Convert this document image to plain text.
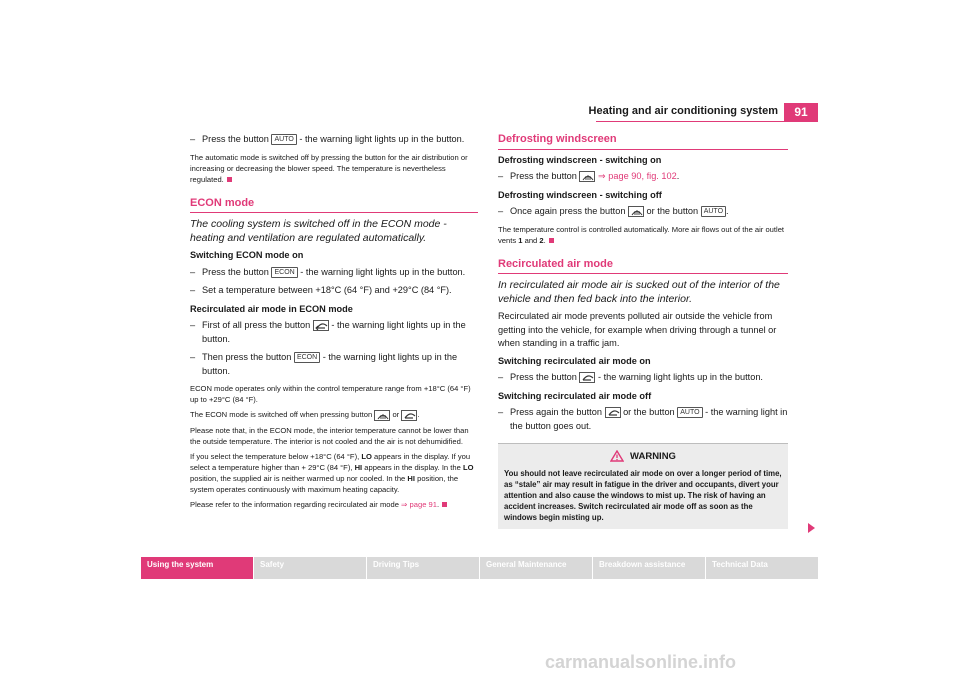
Heating and air conditioning system	91
– Press the button AUTO - the warning light lights up in the button.

The automatic mode is switched off by pressing the button for the air distribution or increasing or decreasing the blower speed. The temperature is nevertheless regulated.

ECON mode

The cooling system is switched off in the ECON mode - heating and ventilation are regulated automatically.

Switching ECON mode on
– Press the button ECON - the warning light lights up in the button.
– Set a temperature between +18°C (64 °F) and +29°C (84 °F).
Recirculated air mode in ECON mode
– First of all press the button
- the warning light lights up in the button.
– Then press the button ECON - the warning light lights up in the button.

ECON mode operates only within the control temperature range from +18°C (64 °F) up to +29°C (84 °F).

The ECON mode is switched off when pressing button
or
.

Please note that, in the ECON mode, the interior temperature cannot be lower than the outside temperature. The interior is not cooled and the air is not dehumidified.

If you select the temperature below +18°C (64 °F), LO appears in the display. If you select a temperature higher than + 29°C (84 °F), HI appears in the display. In the LO position, the supplied air is neither warmed up nor cooled. In the HI position, the system operates continuously with maximum heating capacity.

Please refer to the information regarding recirculated air mode ⇒ page 91.

Defrosting windscreen
Defrosting windscreen - switching on
– Press the button ⇒ page 90, fig. 102.
Defrosting windscreen - switching off
– Once again press the button
or the button AUTO .

The temperature control is controlled automatically. More air flows out of the air outlet vents 1 and 2.

Recirculated air mode

In recirculated air mode air is sucked out of the interior of the vehicle and then fed back into the interior.

Recirculated air mode prevents polluted air outside the vehicle from getting into the vehicle, for example when driving through a tunnel or when standing in a traffic jam.

Switching recirculated air mode on
– Press the button
- the warning light lights up in the button.
Switching recirculated air mode off
– Press again the button
or the button AUTO - the warning light in the button goes out.
WARNING

You should not leave recirculated air mode on over a longer period of time, as “stale” air may result in fatigue in the driver and occupants, divert your attention and also cause the windows to mist up. The risk of having an accident increases. Switch recirculated air mode off as soon as the windows begin misting up.

Using the system	Safety	Driving Tips	General Maintenance	Breakdown assistance	Technical Data
carmanualsonline.info
